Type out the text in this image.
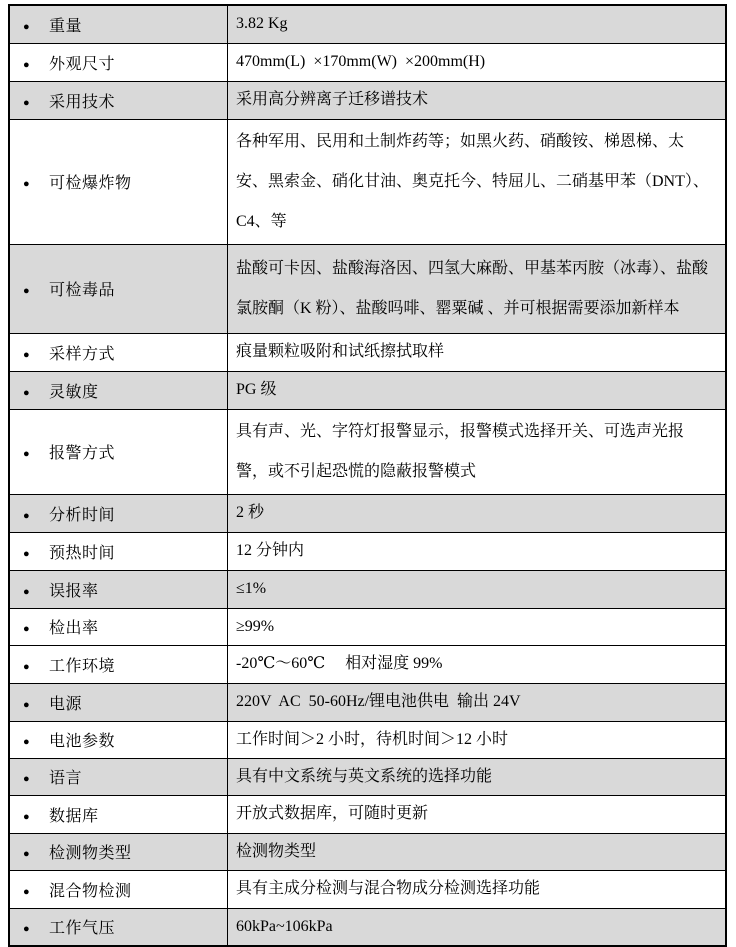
● 重量	3.82 Kg
● 外观尺寸	470mm(L)  ×170mm(W)  ×200mm(H)
● 采用技术	采用高分辨离子迁移谱技术
● 可检爆炸物	各种军用、民用和土制炸药等；如黑火药、硝酸铵、梯恩梯、太安、黑索金、硝化甘油、奥克托今、特屈儿、二硝基甲苯（DNT）、C4、等
● 可检毒品	盐酸可卡因、盐酸海洛因、四氢大麻酚、甲基苯丙胺（冰毒）、盐酸氯胺酮（K 粉）、盐酸吗啡、罂粟碱 、并可根据需要添加新样本
● 采样方式	痕量颗粒吸附和试纸擦拭取样
● 灵敏度	PG 级
● 报警方式	具有声、光、字符灯报警显示，报警模式选择开关、可选声光报警，或不引起恐慌的隐蔽报警模式
● 分析时间	2 秒
● 预热时间	12 分钟内
● 误报率	≤1%
● 检出率	≥99%
● 工作环境	-20℃～60℃　 相对湿度 99%
● 电源	220V  AC  50-60Hz/锂电池供电  输出 24V
● 电池参数	工作时间＞2 小时，待机时间＞12 小时
● 语言	具有中文系统与英文系统的选择功能
● 数据库	开放式数据库，可随时更新
● 检测物类型	检测物类型
● 混合物检测	具有主成分检测与混合物成分检测选择功能
● 工作气压	60kPa~106kPa
